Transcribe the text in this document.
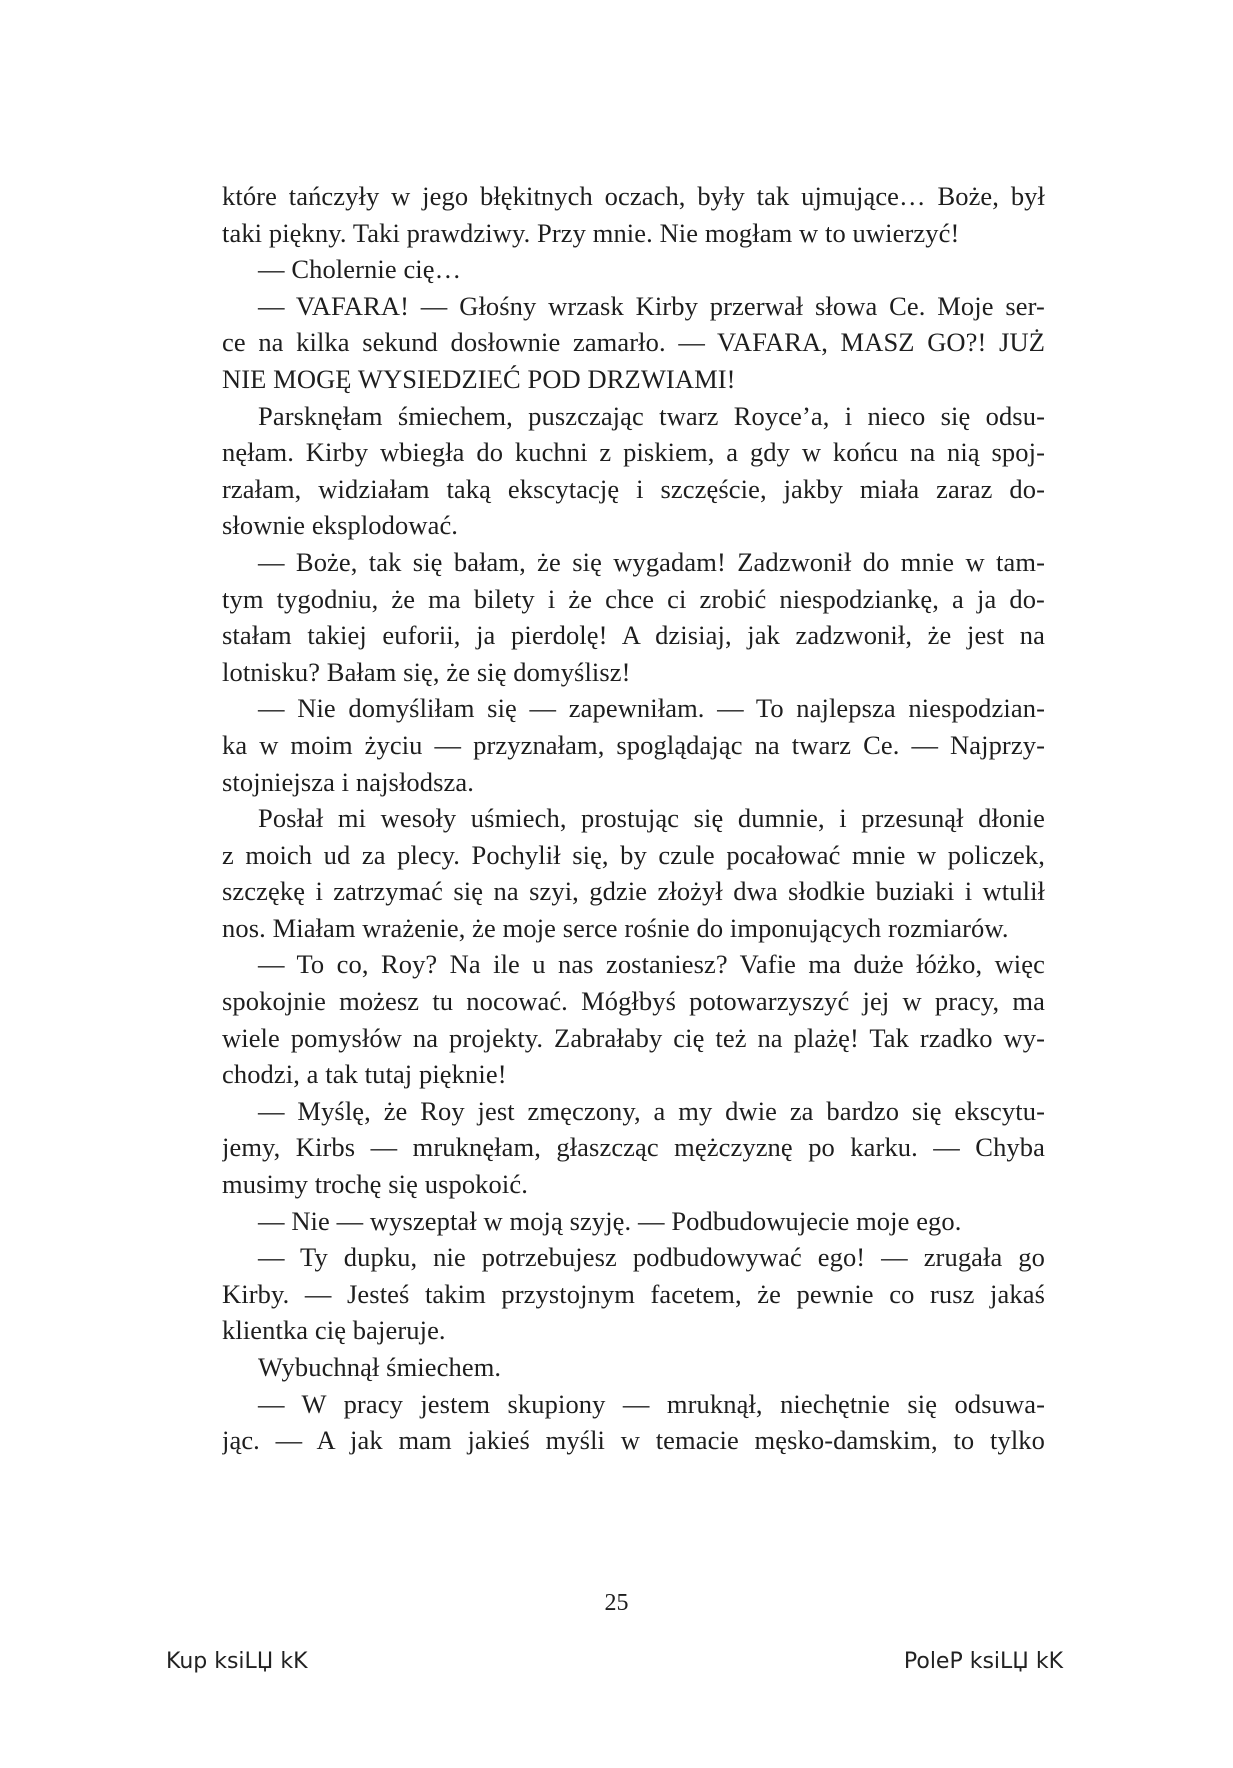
które tańczyły w jego błękitnych oczach, były tak ujmujące… Boże, był
taki piękny. Taki prawdziwy. Przy mnie. Nie mogłam w to uwierzyć!
— Cholernie cię…
— VAFARA! — Głośny wrzask Kirby przerwał słowa Ce. Moje ser-
ce na kilka sekund dosłownie zamarło. — VAFARA, MASZ GO?! JUŻ
NIE MOGĘ WYSIEDZIEĆ POD DRZWIAMI!
Parsknęłam śmiechem, puszczając twarz Royce’a, i nieco się odsu-
nęłam. Kirby wbiegła do kuchni z piskiem, a gdy w końcu na nią spoj-
rzałam, widziałam taką ekscytację i szczęście, jakby miała zaraz do-
słownie eksplodować.
— Boże, tak się bałam, że się wygadam! Zadzwonił do mnie w tam-
tym tygodniu, że ma bilety i że chce ci zrobić niespodziankę, a ja do-
stałam takiej euforii, ja pierdolę! A dzisiaj, jak zadzwonił, że jest na
lotnisku? Bałam się, że się domyślisz!
— Nie domyśliłam się — zapewniłam. — To najlepsza niespodzian-
ka w moim życiu — przyznałam, spoglądając na twarz Ce. — Najprzy-
stojniejsza i najsłodsza.
Posłał mi wesoły uśmiech, prostując się dumnie, i przesunął dłonie
z moich ud za plecy. Pochylił się, by czule pocałować mnie w policzek,
szczękę i zatrzymać się na szyi, gdzie złożył dwa słodkie buziaki i wtulił
nos. Miałam wrażenie, że moje serce rośnie do imponujących rozmiarów.
— To co, Roy? Na ile u nas zostaniesz? Vafie ma duże łóżko, więc
spokojnie możesz tu nocować. Mógłbyś potowarzyszyć jej w pracy, ma
wiele pomysłów na projekty. Zabrałaby cię też na plażę! Tak rzadko wy-
chodzi, a tak tutaj pięknie!
— Myślę, że Roy jest zmęczony, a my dwie za bardzo się ekscytu-
jemy, Kirbs — mruknęłam, głaszcząc mężczyznę po karku. — Chyba
musimy trochę się uspokoić.
— Nie — wyszeptał w moją szyję. — Podbudowujecie moje ego.
— Ty dupku, nie potrzebujesz podbudowywać ego! — zrugała go
Kirby. — Jesteś takim przystojnym facetem, że pewnie co rusz jakaś
klientka cię bajeruje.
Wybuchnął śmiechem.
— W pracy jestem skupiony — mruknął, niechętnie się odsuwa-
jąc. — A jak mam jakieś myśli w temacie męsko-damskim, to tylko
25
Kup ksiLЏ kK	PoleP ksiLЏ kK
